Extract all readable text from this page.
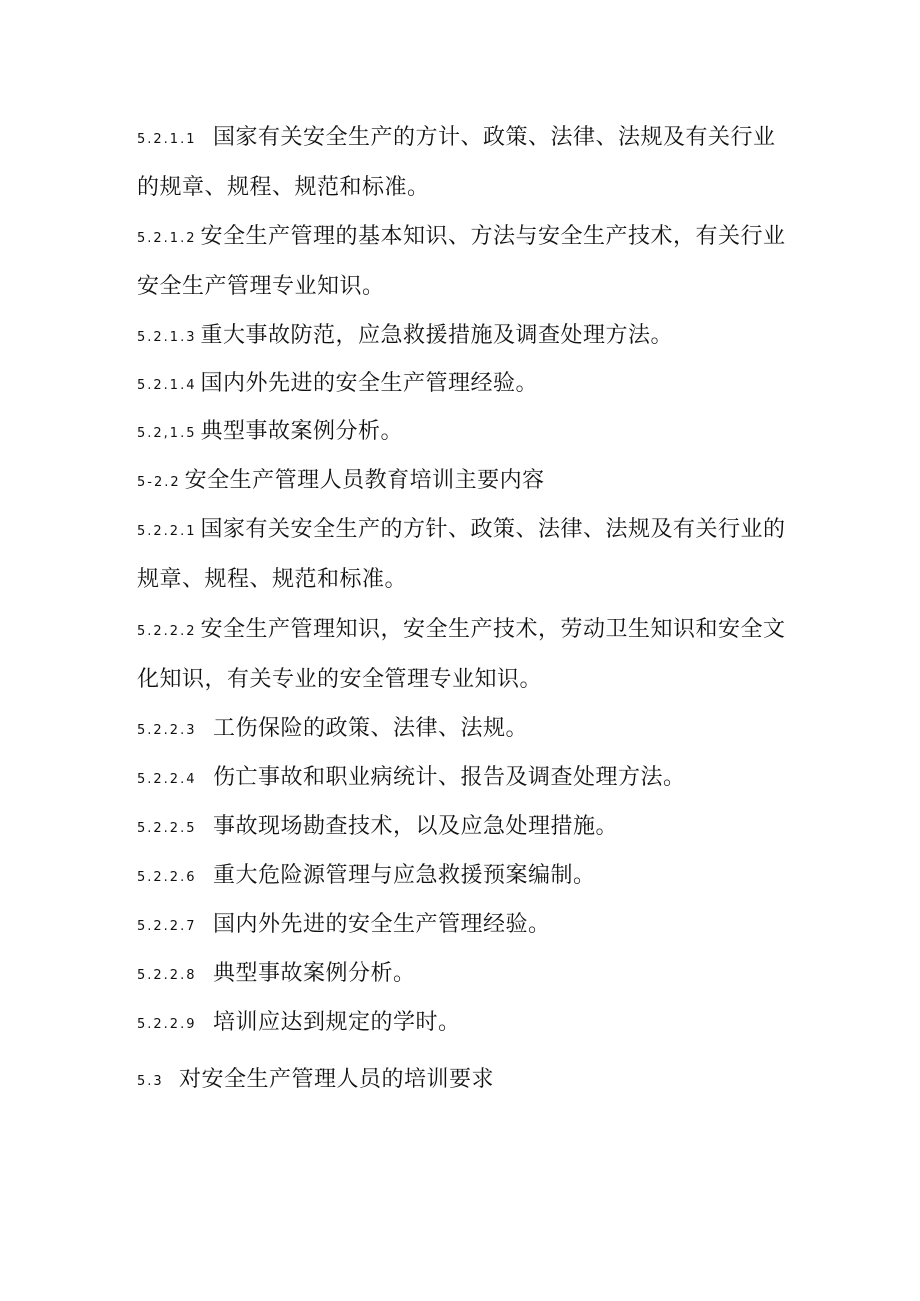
5.2.1.1 国家有关安全生产的方计、政策、法律、法规及有关行业的规章、规程、规范和标准。
5.2.1.2 安全生产管理的基本知识、方法与安全生产技术，有关行业安全生产管理专业知识。
5.2.1.3 重大事故防范，应急救援措施及调查处理方法。
5.2.1.4 国内外先进的安全生产管理经验。
5.2,1.5 典型事故案例分析。
5-2.2 安全生产管理人员教育培训主要内容
5.2.2.1 国家有关安全生产的方针、政策、法律、法规及有关行业的规章、规程、规范和标准。
5.2.2.2 安全生产管理知识，安全生产技术，劳动卫生知识和安全文化知识，有关专业的安全管理专业知识。
5.2.2.3 工伤保险的政策、法律、法规。
5.2.2.4 伤亡事故和职业病统计、报告及调查处理方法。
5.2.2.5 事故现场勘查技术，以及应急处理措施。
5.2.2.6 重大危险源管理与应急救援预案编制。
5.2.2.7 国内外先进的安全生产管理经验。
5.2.2.8 典型事故案例分析。
5.2.2.9 培训应达到规定的学时。
5.3 对安全生产管理人员的培训要求
